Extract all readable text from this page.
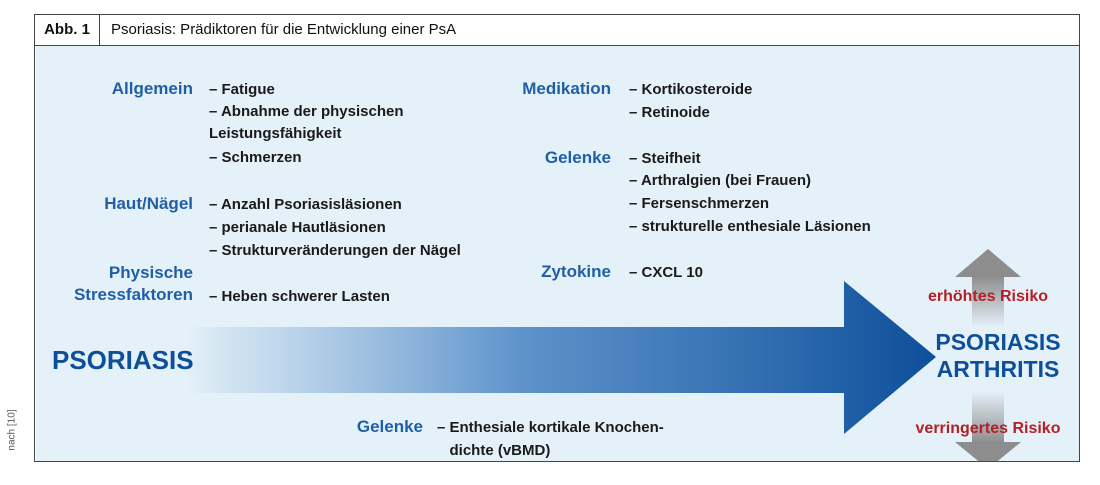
Abb. 1	Psoriasis: Prädiktoren für die Entwicklung einer PsA
PSORIASIS
PSORIASIS
ARTHRITIS
erhöhtes Risiko
verringertes Risiko
Allgemein – Fatigue
– Abnahme der physischen
Leistungsfähigkeit
– Schmerzen
Haut/Nägel – Anzahl Psoriasisläsionen
– perianale Hautläsionen
– Strukturveränderungen der Nägel
Physische
Stressfaktoren – Heben schwerer Lasten
Medikation – Kortikosteroide
– Retinoide
Gelenke – Steifheit
– Arthralgien (bei Frauen)
– Fersenschmerzen
– strukturelle enthesiale Läsionen
Zytokine – CXCL 10
Gelenke – Enthesiale kortikale Knochen-
dichte (vBMD)
nach [10]
